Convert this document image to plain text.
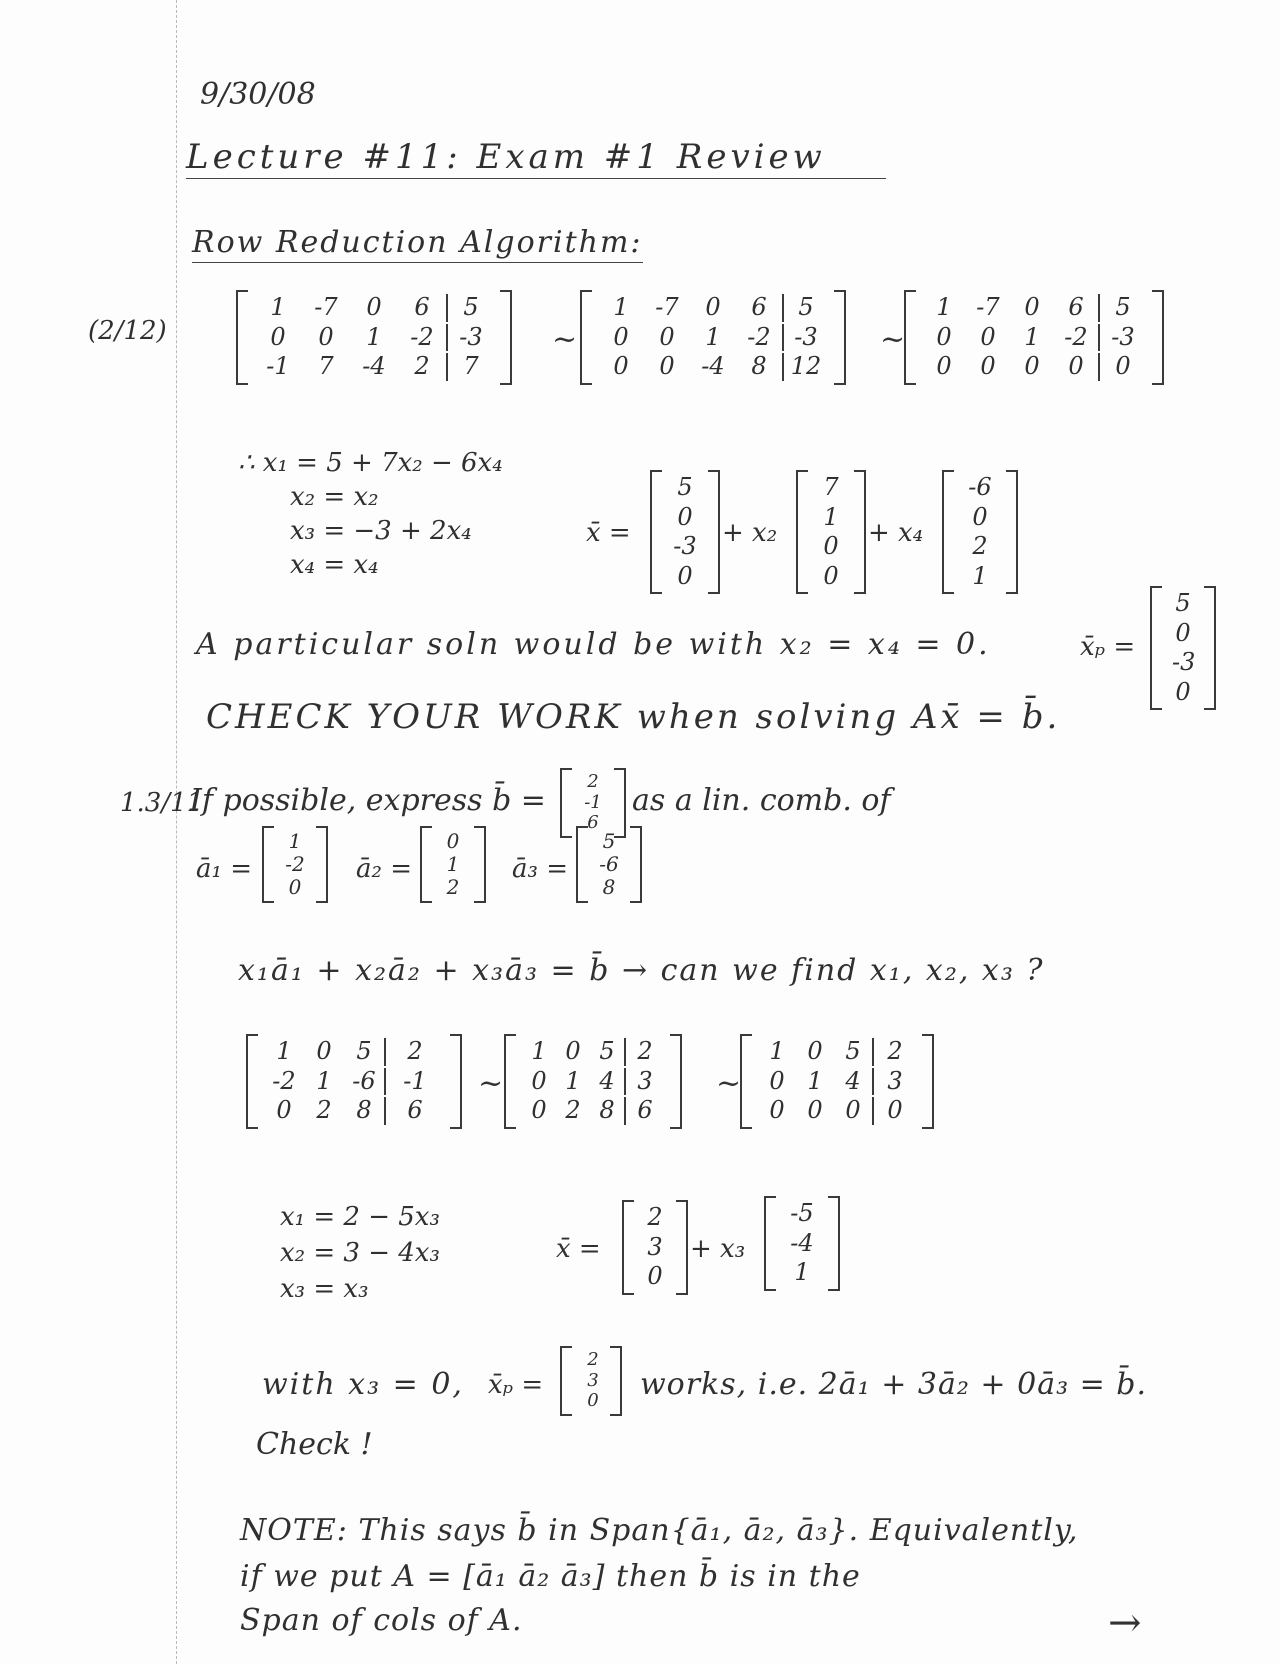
9/30/08
Lecture #11: Exam #1 Review
Row Reduction Algorithm:
(2/12)
1	-7	0	6	5
0	0	1	-2	-3
-1	7	-4	2	7
~
1	-7	0	6	5
0	0	1	-2 -3
0	0	-4	8	12
~
1	-7	0	6	5
0	0	1	-2 -3
0	0	0	0	0
∴ x₁ = 5 + 7x₂ − 6x₄
x₂ = x₂
x₃ = −3 + 2x₄
x₄ = x₄
x̄ =
5
0
-3
0
+ x₂
7
1
0
0
+ x₄
-6
0
2
1
A particular soln would be with x₂ = x₄ = 0.	x̄ₚ =
5
0
-3
0
CHECK YOUR WORK when solving Ax̄ = b̄.
1.3/11
If possible, express b̄ =
2
-1
6
as a lin. comb. of
ā₁ =
1
-2
0
ā₂ =
0
1
2
ā₃ =
5
-6
8
x₁ā₁ + x₂ā₂ + x₃ā₃ = b̄ → can we find x₁, x₂, x₃ ?
1	0	5	2
-2 1 -6	-1
0	2	8	6
~
1 0 5 2
0 1 4 3
0 2 8 6
~
1 0 5	2
0 1 4	3
0 0 0	0
x₁ = 2 − 5x₃
x₂ = 3 − 4x₃
x₃ = x₃
x̄ =
2
3
0
+ x₃
-5
-4
1
with x₃ = 0, x̄ₚ =
2
3
0	works, i.e. 2ā₁ + 3ā₂ + 0ā₃ = b̄.
Check !
NOTE: This says b̄ in Span{ā₁, ā₂, ā₃}. Equivalently,
if we put A = [ā₁ ā₂ ā₃] then b̄ is in the
Span of cols of A.	→
